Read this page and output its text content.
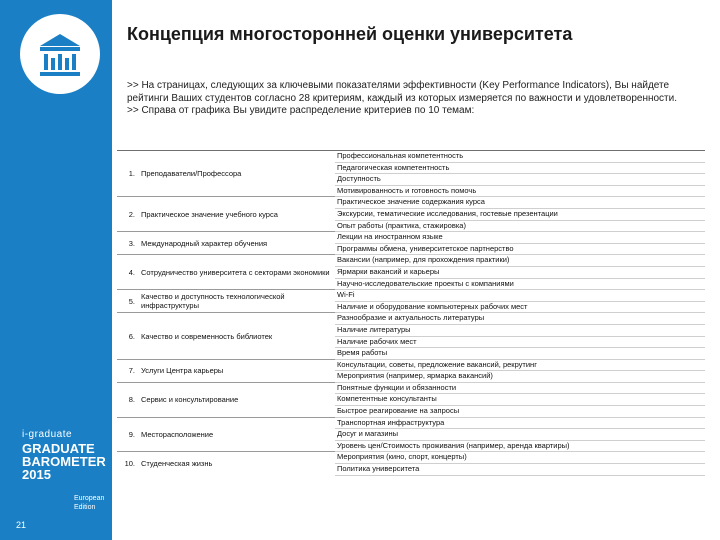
i-graduate
GRADUATE
BAROMETER
2015
European
Edition
21
Концепция многосторонней оценки университета

>> На страницах, следующих за ключевыми показателями эффективности (Key Performance Indicators), Вы найдете рейтинги Ваших студентов согласно 28 критериям, каждый из которых измеряется по важности и удовлетворенности.

>> Справа от графика Вы увидите распределение критериев по 10 темам:

1.	Преподаватели/Профессора	Профессиональная компетентность

		Педагогическая компетентность

		Доступность

		Мотивированность и готовность помочь

2.	Практическое значение учебного курса	Практическое значение содержания курса

		Экскурсии, тематические исследования, гостевые презентации

		Опыт работы (практика, стажировка)

3.	Международный характер обучения	Лекции на иностранном языке

		Программы обмена, университетское партнерство

4.	Сотрудничество университета с секторами экономики	Вакансии (например, для прохождения практики)

		Ярмарки вакансий и карьеры

		Научно-исследовательские проекты с компаниями

5.	Качество и доступность технологической инфраструктуры	Wi-Fi

		Наличие и оборудование компьютерных рабочих мест

6.	Качество и современность библиотек	Разнообразие и актуальность литературы

		Наличие литературы

		Наличие рабочих мест

		Время работы

7.	Услуги Центра карьеры	Консультации, советы, предложение вакансий, рекрутинг

		Мероприятия (например, ярмарка вакансий)

8.	Сервис и консультирование	Понятные функции и обязанности

		Компетентные консультанты

		Быстрое реагирование на запросы

9.	Месторасположение	Транспортная инфраструктура

		Досуг и магазины

		Уровень цен/Стоимость проживания (например, аренда квартиры)

10.	Студенческая жизнь	Мероприятия (кино, спорт, концерты)

		Политика университета
